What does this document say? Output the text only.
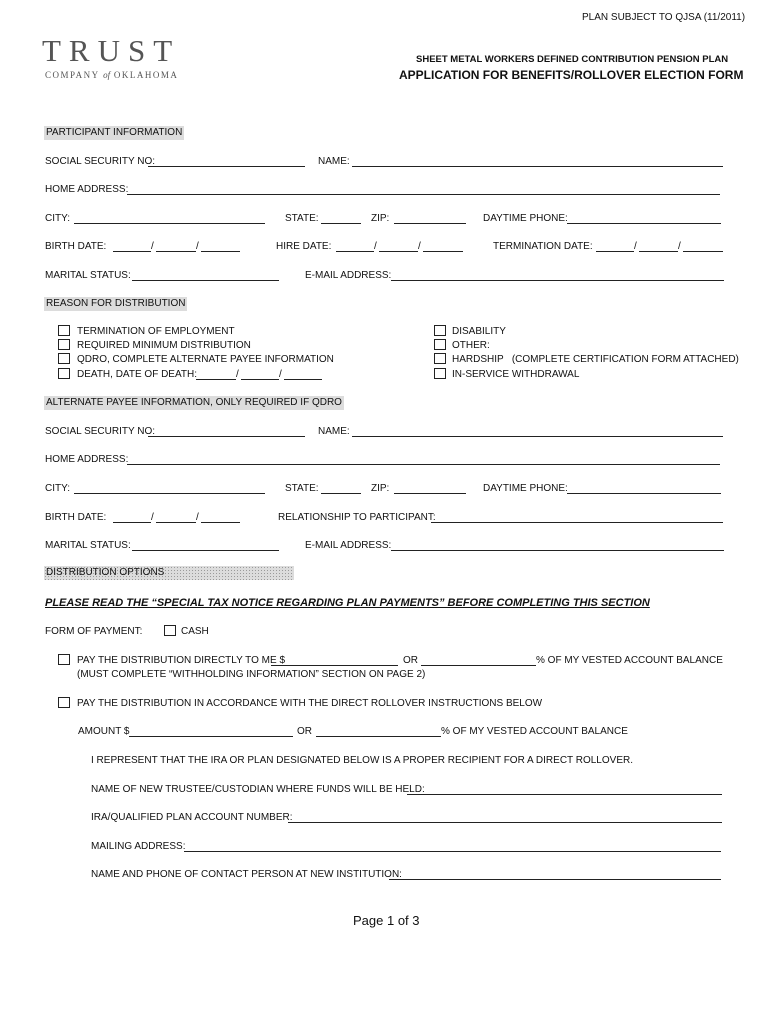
PLAN SUBJECT TO QJSA (11/2011)
TRUST
COMPANY of OKLAHOMA
SHEET METAL WORKERS DEFINED CONTRIBUTION PENSION PLAN
APPLICATION FOR BENEFITS/ROLLOVER ELECTION FORM
PARTICIPANT INFORMATION
SOCIAL SECURITY NO:	NAME:
HOME ADDRESS:
CITY:	STATE:	ZIP:	DAYTIME PHONE:
BIRTH DATE:	/	/	HIRE DATE:	/	/	TERMINATION DATE:	/	/
MARITAL STATUS:	E-MAIL ADDRESS:
REASON FOR DISTRIBUTION
TERMINATION OF EMPLOYMENT
REQUIRED MINIMUM DISTRIBUTION
QDRO, COMPLETE ALTERNATE PAYEE INFORMATION
DEATH, DATE OF DEATH:	/	/
DISABILITY
OTHER:
HARDSHIP   (COMPLETE CERTIFICATION FORM ATTACHED)
IN-SERVICE WITHDRAWAL
ALTERNATE PAYEE INFORMATION, ONLY REQUIRED IF QDRO
SOCIAL SECURITY NO:	NAME:
HOME ADDRESS:
CITY:	STATE:	ZIP:	DAYTIME PHONE:
BIRTH DATE:	/	/	RELATIONSHIP TO PARTICIPANT:
MARITAL STATUS:	E-MAIL ADDRESS:
DISTRIBUTION OPTIONS
PLEASE READ THE “SPECIAL TAX NOTICE REGARDING PLAN PAYMENTS” BEFORE COMPLETING THIS SECTION
FORM OF PAYMENT:	CASH
PAY THE DISTRIBUTION DIRECTLY TO ME $	OR	% OF MY VESTED ACCOUNT BALANCE
(MUST COMPLETE “WITHHOLDING INFORMATION” SECTION ON PAGE 2)
PAY THE DISTRIBUTION IN ACCORDANCE WITH THE DIRECT ROLLOVER INSTRUCTIONS BELOW
AMOUNT $	OR	% OF MY VESTED ACCOUNT BALANCE
I REPRESENT THAT THE IRA OR PLAN DESIGNATED BELOW IS A PROPER RECIPIENT FOR A DIRECT ROLLOVER.
NAME OF NEW TRUSTEE/CUSTODIAN WHERE FUNDS WILL BE HELD:
IRA/QUALIFIED PLAN ACCOUNT NUMBER:
MAILING ADDRESS:
NAME AND PHONE OF CONTACT PERSON AT NEW INSTITUTION:
Page 1 of 3
